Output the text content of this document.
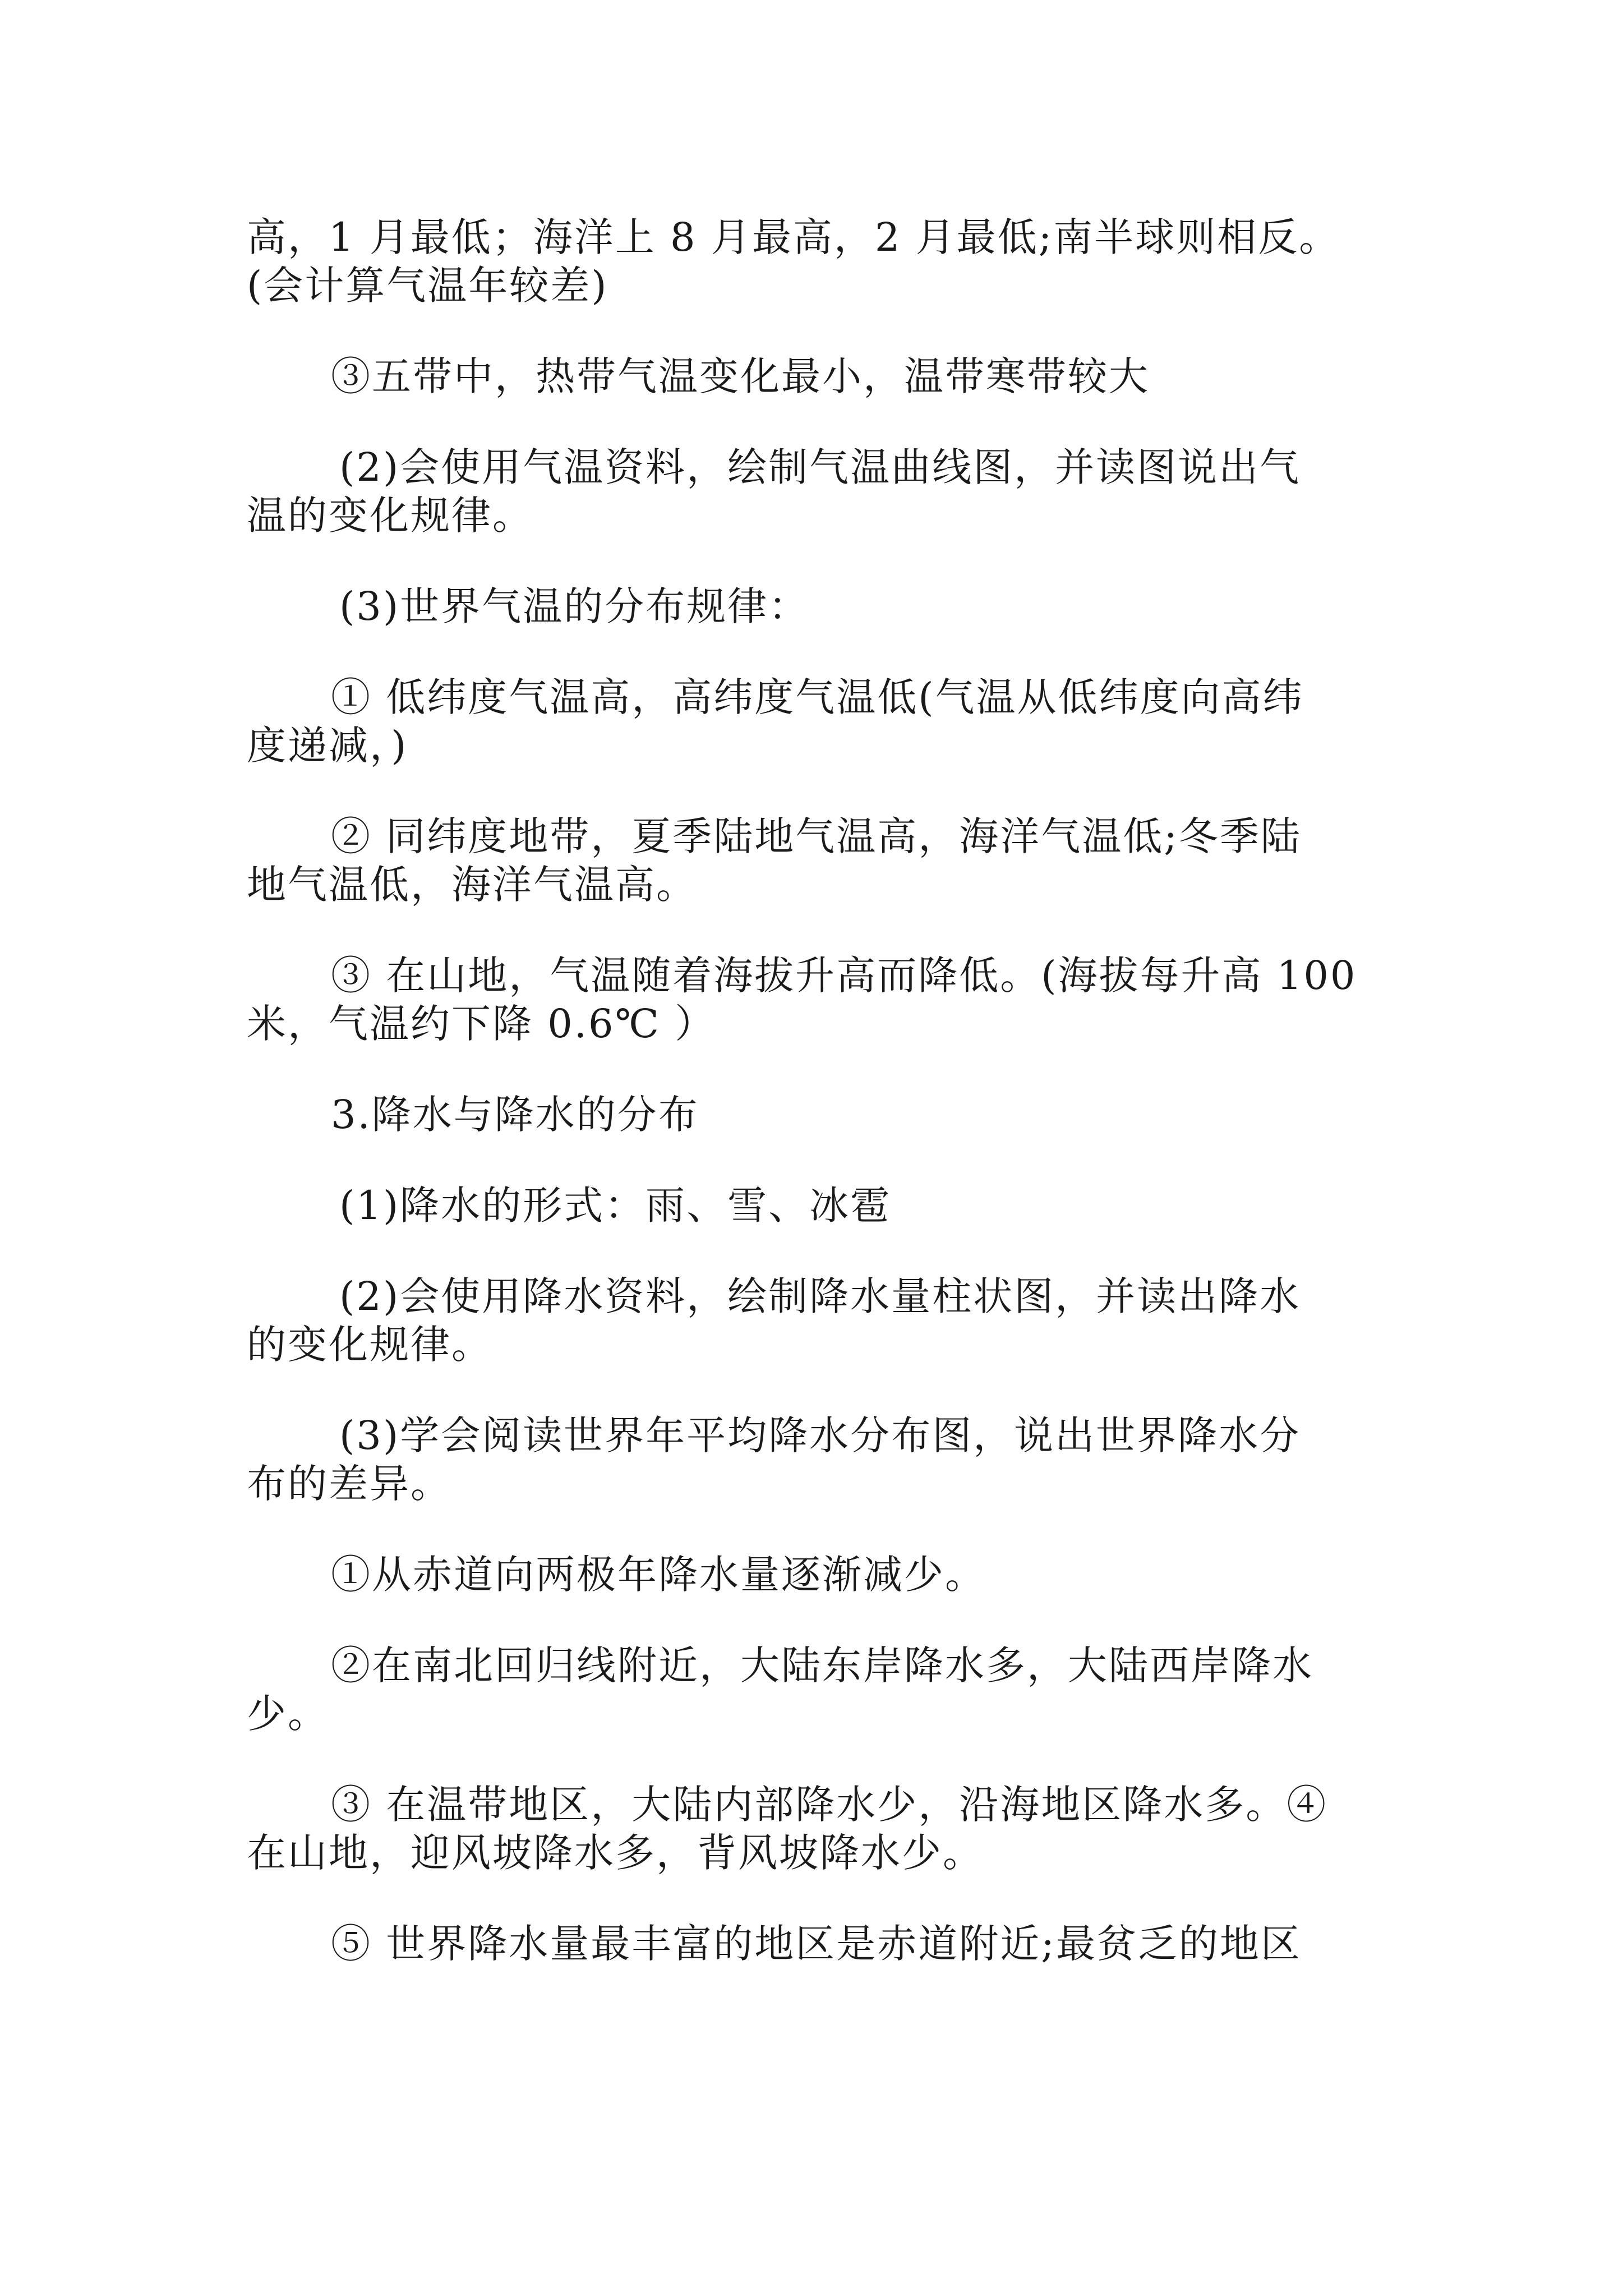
高，1 月最低；海洋上 8 月最高，2 月最低;南半球则相反。
(会计算气温年较差)
③五带中，热带气温变化最小，温带寒带较大
(2)会使用气温资料，绘制气温曲线图，并读图说出气
温的变化规律。
(3)世界气温的分布规律：
① 低纬度气温高，高纬度气温低(气温从低纬度向高纬
度递减，)
② 同纬度地带，夏季陆地气温高，海洋气温低;冬季陆
地气温低，海洋气温高。
③ 在山地，气温随着海拔升高而降低。(海拔每升高 100
米，气温约下降 0.6℃ ）
3.降水与降水的分布
(1)降水的形式：雨、雪、冰雹
(2)会使用降水资料，绘制降水量柱状图，并读出降水
的变化规律。
(3)学会阅读世界年平均降水分布图，说出世界降水分
布的差异。
①从赤道向两极年降水量逐渐减少。
②在南北回归线附近，大陆东岸降水多，大陆西岸降水
少。
③ 在温带地区，大陆内部降水少，沿海地区降水多。④
在山地，迎风坡降水多，背风坡降水少。
⑤ 世界降水量最丰富的地区是赤道附近;最贫乏的地区
